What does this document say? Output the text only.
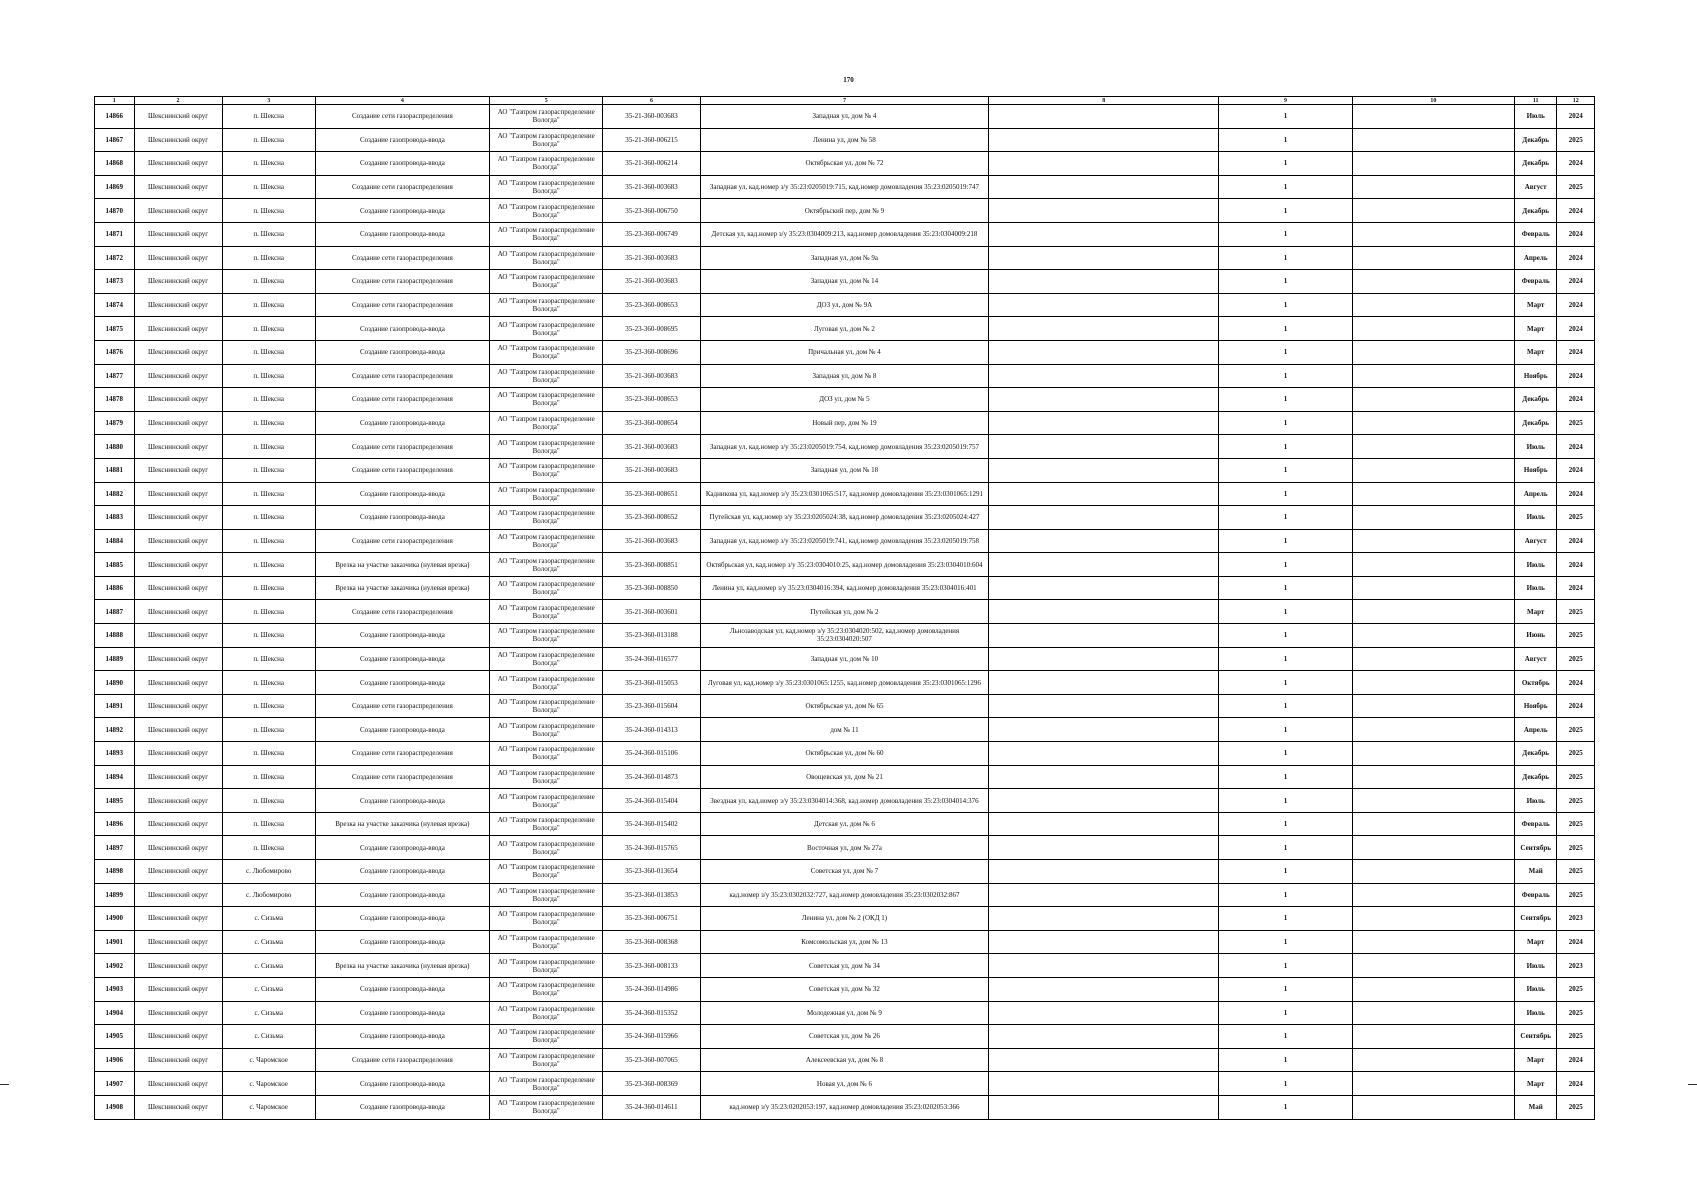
170
1	2	3	4	5	6	7	8	9	10	11	12
14866	Шекснинский округ	п. Шексна	Создание сети газораспределения	АО "Газпром газораспределение Вологда"	35-21-360-003683	Западная ул, дом № 4		1		Июль	2024
14867	Шекснинский округ	п. Шексна	Создание газопровода-ввода	АО "Газпром газораспределение Вологда"	35-21-360-006215	Ленина ул, дом № 58		1		Декабрь	2025
14868	Шекснинский округ	п. Шексна	Создание газопровода-ввода	АО "Газпром газораспределение Вологда"	35-21-360-006214	Октябрьская ул, дом № 72		1		Декабрь	2024
14869	Шекснинский округ	п. Шексна	Создание сети газораспределения	АО "Газпром газораспределение Вологда"	35-21-360-003683	Западная ул, кад.номер з/у 35:23:0205019:715, кад.номер домовладения 35:23:0205019:747		1		Август	2025
14870	Шекснинский округ	п. Шексна	Создание газопровода-ввода	АО "Газпром газораспределение Вологда"	35-23-360-006750	Октябрьский пер, дом № 9		1		Декабрь	2024
14871	Шекснинский округ	п. Шексна	Создание газопровода-ввода	АО "Газпром газораспределение Вологда"	35-23-360-006749	Детская ул, кад.номер з/у 35:23:0304009:213, кад.номер домовладения 35:23:0304009:218		1		Февраль	2024
14872	Шекснинский округ	п. Шексна	Создание сети газораспределения	АО "Газпром газораспределение Вологда"	35-21-360-003683	Западная ул, дом № 9а		1		Апрель	2024
14873	Шекснинский округ	п. Шексна	Создание сети газораспределения	АО "Газпром газораспределение Вологда"	35-21-360-003683	Западная ул, дом № 14		1		Февраль	2024
14874	Шекснинский округ	п. Шексна	Создание сети газораспределения	АО "Газпром газораспределение Вологда"	35-23-360-008653	ДОЗ ул, дом № 9А		1		Март	2024
14875	Шекснинский округ	п. Шексна	Создание газопровода-ввода	АО "Газпром газораспределение Вологда"	35-23-360-008695	Луговая ул, дом № 2		1		Март	2024
14876	Шекснинский округ	п. Шексна	Создание газопровода-ввода	АО "Газпром газораспределение Вологда"	35-23-360-008696	Причальная ул, дом № 4		1		Март	2024
14877	Шекснинский округ	п. Шексна	Создание сети газораспределения	АО "Газпром газораспределение Вологда"	35-21-360-003683	Западная ул, дом № 8		1		Ноябрь	2024
14878	Шекснинский округ	п. Шексна	Создание сети газораспределения	АО "Газпром газораспределение Вологда"	35-23-360-008653	ДОЗ ул, дом № 5		1		Декабрь	2024
14879	Шекснинский округ	п. Шексна	Создание газопровода-ввода	АО "Газпром газораспределение Вологда"	35-23-360-008654	Новый пер, дом № 19		1		Декабрь	2025
14880	Шекснинский округ	п. Шексна	Создание сети газораспределения	АО "Газпром газораспределение Вологда"	35-21-360-003683	Западная ул, кад.номер з/у 35:23:0205019:754, кад.номер домовладения 35:23:0205019:757		1		Июль	2024
14881	Шекснинский округ	п. Шексна	Создание сети газораспределения	АО "Газпром газораспределение Вологда"	35-21-360-003683	Западная ул, дом № 18		1		Ноябрь	2024
14882	Шекснинский округ	п. Шексна	Создание газопровода-ввода	АО "Газпром газораспределение Вологда"	35-23-360-008651	Кадникова ул, кад.номер з/у 35:23:0301065:517, кад.номер домовладения 35:23:0301065:1291		1		Апрель	2024
14883	Шекснинский округ	п. Шексна	Создание газопровода-ввода	АО "Газпром газораспределение Вологда"	35-23-360-008652	Путейская ул, кад.номер з/у 35:23:0205024:38, кад.номер домовладения 35:23:0205024:427		1		Июль	2025
14884	Шекснинский округ	п. Шексна	Создание сети газораспределения	АО "Газпром газораспределение Вологда"	35-21-360-003683	Западная ул, кад.номер з/у 35:23:0205019:741, кад.номер домовладения 35:23:0205019:758		1		Август	2024
14885	Шекснинский округ	п. Шексна	Врезка на участке заказчика (нулевая врезка)	АО "Газпром газораспределение Вологда"	35-23-360-008851	Октябрьская ул, кад.номер з/у 35:23:0304010:25, кад.номер домовладения 35:23:0304010:604		1		Июль	2024
14886	Шекснинский округ	п. Шексна	Врезка на участке заказчика (нулевая врезка)	АО "Газпром газораспределение Вологда"	35-23-360-008850	Ленина ул, кад.номер з/у 35:23:0304016:394, кад.номер домовладения 35:23:0304016:401		1		Июль	2024
14887	Шекснинский округ	п. Шексна	Создание сети газораспределения	АО "Газпром газораспределение Вологда"	35-21-360-003601	Путейская ул, дом № 2		1		Март	2025
14888	Шекснинский округ	п. Шексна	Создание газопровода-ввода	АО "Газпром газораспределение Вологда"	35-23-360-013188	Льнозаводская ул, кад.номер з/у 35:23:0304020:502, кад.номер домовладения 35:23:0304020:507		1		Июнь	2025
14889	Шекснинский округ	п. Шексна	Создание газопровода-ввода	АО "Газпром газораспределение Вологда"	35-24-360-016577	Западная ул, дом № 10		1		Август	2025
14890	Шекснинский округ	п. Шексна	Создание газопровода-ввода	АО "Газпром газораспределение Вологда"	35-23-360-015053	Луговая ул, кад.номер з/у 35:23:0301065:1255, кад.номер домовладения 35:23:0301065:1296		1		Октябрь	2024
14891	Шекснинский округ	п. Шексна	Создание сети газораспределения	АО "Газпром газораспределение Вологда"	35-23-360-015604	Октябрьская ул, дом № 65		1		Ноябрь	2024
14892	Шекснинский округ	п. Шексна	Создание газопровода-ввода	АО "Газпром газораспределение Вологда"	35-24-360-014313	дом № 11		1		Апрель	2025
14893	Шекснинский округ	п. Шексна	Создание сети газораспределения	АО "Газпром газораспределение Вологда"	35-24-360-015106	Октябрьская ул, дом № 60		1		Декабрь	2025
14894	Шекснинский округ	п. Шексна	Создание сети газораспределения	АО "Газпром газораспределение Вологда"	35-24-360-014873	Овощевская ул, дом № 21		1		Декабрь	2025
14895	Шекснинский округ	п. Шексна	Создание газопровода-ввода	АО "Газпром газораспределение Вологда"	35-24-360-015404	Звездная ул, кад.номер з/у 35:23:0304014:368, кад.номер домовладения 35:23:0304014:376		1		Июль	2025
14896	Шекснинский округ	п. Шексна	Врезка на участке заказчика (нулевая врезка)	АО "Газпром газораспределение Вологда"	35-24-360-015402	Детская ул, дом № 6		1		Февраль	2025
14897	Шекснинский округ	п. Шексна	Создание газопровода-ввода	АО "Газпром газораспределение Вологда"	35-24-360-015765	Восточная ул, дом № 27а		1		Сентябрь	2025
14898	Шекснинский округ	с. Любомирово	Создание газопровода-ввода	АО "Газпром газораспределение Вологда"	35-23-360-013654	Советская ул, дом № 7		1		Май	2025
14899	Шекснинский округ	с. Любомирово	Создание газопровода-ввода	АО "Газпром газораспределение Вологда"	35-23-360-013853	кад.номер з/у 35:23:0302032:727, кад.номер домовладения 35:23:0302032:867		1		Февраль	2025
14900	Шекснинский округ	с. Сизьма	Создание газопровода-ввода	АО "Газпром газораспределение Вологда"	35-23-360-006751	Ленина ул, дом № 2 (ОКД 1)		1		Сентябрь	2023
14901	Шекснинский округ	с. Сизьма	Создание газопровода-ввода	АО "Газпром газораспределение Вологда"	35-23-360-008368	Комсомольская ул, дом № 13		1		Март	2024
14902	Шекснинский округ	с. Сизьма	Врезка на участке заказчика (нулевая врезка)	АО "Газпром газораспределение Вологда"	35-23-360-008133	Советская ул, дом № 34		1		Июль	2023
14903	Шекснинский округ	с. Сизьма	Создание газопровода-ввода	АО "Газпром газораспределение Вологда"	35-24-360-014986	Советская ул, дом № 32		1		Июль	2025
14904	Шекснинский округ	с. Сизьма	Создание газопровода-ввода	АО "Газпром газораспределение Вологда"	35-24-360-015352	Молодежная ул, дом № 9		1		Июль	2025
14905	Шекснинский округ	с. Сизьма	Создание газопровода-ввода	АО "Газпром газораспределение Вологда"	35-24-360-015966	Советская ул, дом № 26		1		Сентябрь	2025
14906	Шекснинский округ	с. Чаромское	Создание сети газораспределения	АО "Газпром газораспределение Вологда"	35-23-360-007065	Алексеевская ул, дом № 8		1		Март	2024
14907	Шекснинский округ	с. Чаромское	Создание газопровода-ввода	АО "Газпром газораспределение Вологда"	35-23-360-008369	Новая ул, дом № 6		1		Март	2024
14908	Шекснинский округ	с. Чаромское	Создание газопровода-ввода	АО "Газпром газораспределение Вологда"	35-24-360-014611	кад.номер з/у 35:23:0202053:197, кад.номер домовладения 35:23:0202053:366		1		Май	2025
